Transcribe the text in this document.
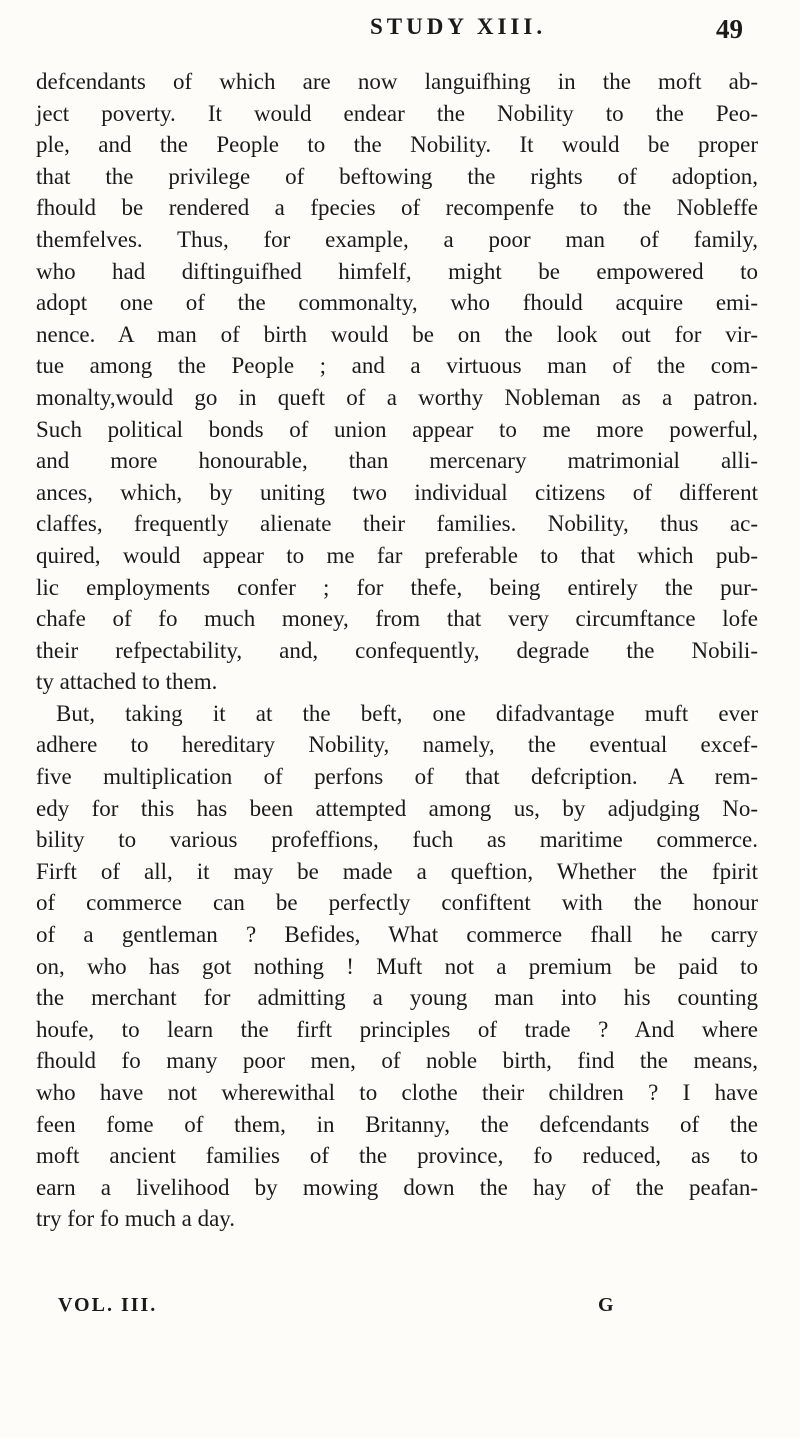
STUDY XIII.	49
defcendants of which are now languifhing in the moft ab-
ject poverty. It would endear the Nobility to the Peo-
ple, and the People to the Nobility. It would be proper
that the privilege of beftowing the rights of adoption,
fhould be rendered a fpecies of recompenfe to the Nobleffe
themfelves. Thus, for example, a poor man of family,
who had diftinguifhed himfelf, might be empowered to
adopt one of the commonalty, who fhould acquire emi-
nence. A man of birth would be on the look out for vir-
tue among the People ; and a virtuous man of the com-
monalty,would go in queft of a worthy Nobleman as a patron.
Such political bonds of union appear to me more powerful,
and more honourable, than mercenary matrimonial alli-
ances, which, by uniting two individual citizens of different
claffes, frequently alienate their families. Nobility, thus ac-
quired, would appear to me far preferable to that which pub-
lic employments confer ; for thefe, being entirely the pur-
chafe of fo much money, from that very circumftance lofe
their refpectability, and, confequently, degrade the Nobili-
ty attached to them.
But, taking it at the beft, one difadvantage muft ever
adhere to hereditary Nobility, namely, the eventual excef-
five multiplication of perfons of that defcription. A rem-
edy for this has been attempted among us, by adjudging No-
bility to various profeffions, fuch as maritime commerce.
Firft of all, it may be made a queftion, Whether the fpirit
of commerce can be perfectly confiftent with the honour
of a gentleman ? Befides, What commerce fhall he carry
on, who has got nothing ! Muft not a premium be paid to
the merchant for admitting a young man into his counting
houfe, to learn the firft principles of trade ? And where
fhould fo many poor men, of noble birth, find the means,
who have not wherewithal to clothe their children ? I have
feen fome of them, in Britanny, the defcendants of the
moft ancient families of the province, fo reduced, as to
earn a livelihood by mowing down the hay of the peafan-
try for fo much a day.
VOL. III.	G
